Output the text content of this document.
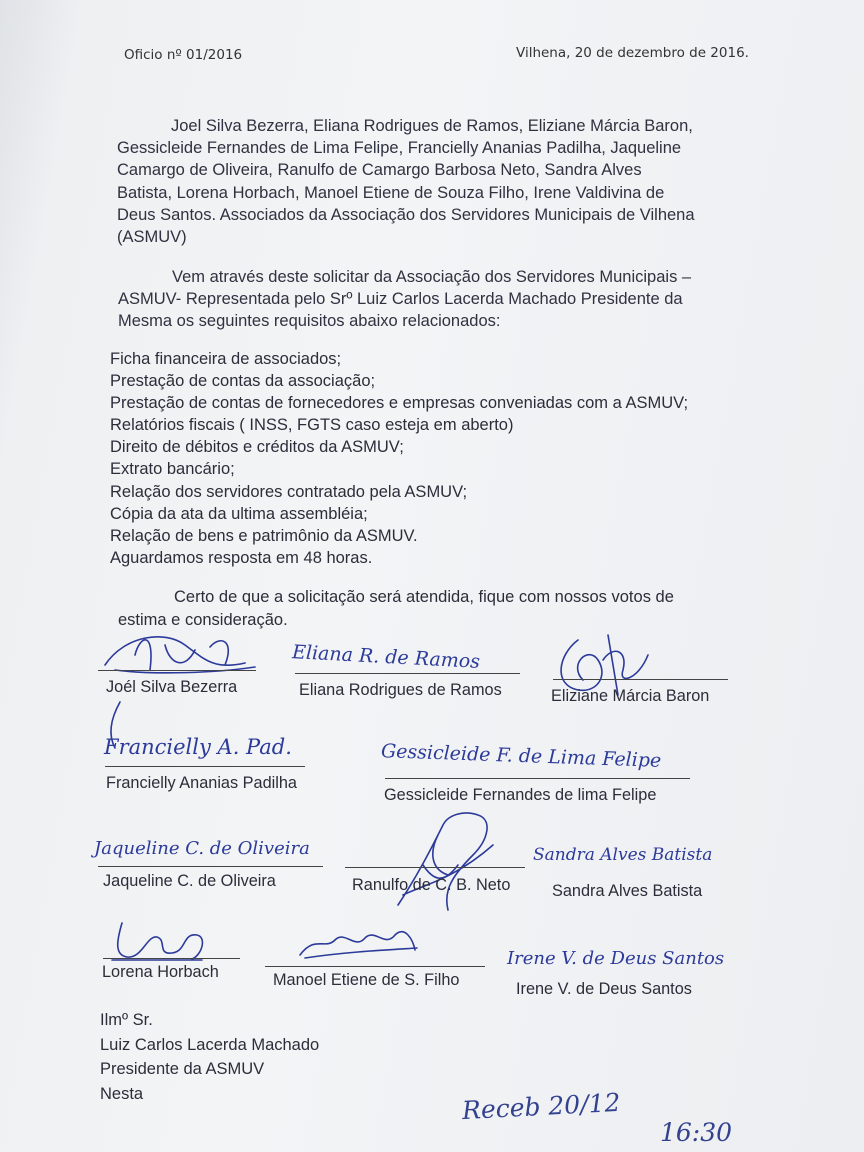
Oficio nº 01/2016	Vilhena, 20 de dezembro de 2016.
Joel Silva Bezerra, Eliana Rodrigues de Ramos, Eliziane Márcia Baron,
Gessicleide Fernandes de Lima Felipe, Francielly Ananias Padilha, Jaqueline
Camargo de Oliveira, Ranulfo de Camargo Barbosa Neto, Sandra Alves
Batista, Lorena Horbach, Manoel Etiene de Souza Filho, Irene Valdivina de
Deus Santos. Associados da Associação dos Servidores Municipais de Vilhena
(ASMUV)
Vem através deste solicitar da Associação dos Servidores Municipais –
ASMUV- Representada pelo Srº Luiz Carlos Lacerda Machado Presidente da
Mesma os seguintes requisitos abaixo relacionados:
Ficha financeira de associados;
Prestação de contas da associação;
Prestação de contas de fornecedores e empresas conveniadas com a ASMUV;
Relatórios fiscais ( INSS, FGTS caso esteja em aberto)
Direito de débitos e créditos da ASMUV;
Extrato bancário;
Relação dos servidores contratado pela ASMUV;
Cópia da ata da ultima assembléia;
Relação de bens e patrimônio da ASMUV.
Aguardamos resposta em 48 horas.
Certo de que a solicitação será atendida, fique com nossos votos de
estima e consideração.
Joél Silva Bezerra
Eliana R. de Ramos
Eliana Rodrigues de Ramos	Eliziane Márcia Baron
Francielly A. Pad.
Francielly Ananias Padilha
Gessicleide F. de Lima Felipe
Gessicleide Fernandes de lima Felipe
Jaqueline C. de Oliveira
Jaqueline C. de Oliveira	Ranulfo de C. B. Neto
Sandra Alves Batista
Sandra Alves Batista
Lorena Horbach	Manoel Etiene de S. Filho
Irene V. de Deus Santos
Irene V. de Deus Santos
Ilmº Sr.
Luiz Carlos Lacerda Machado
Presidente da ASMUV
Nesta	Receb 20/12
16:30
